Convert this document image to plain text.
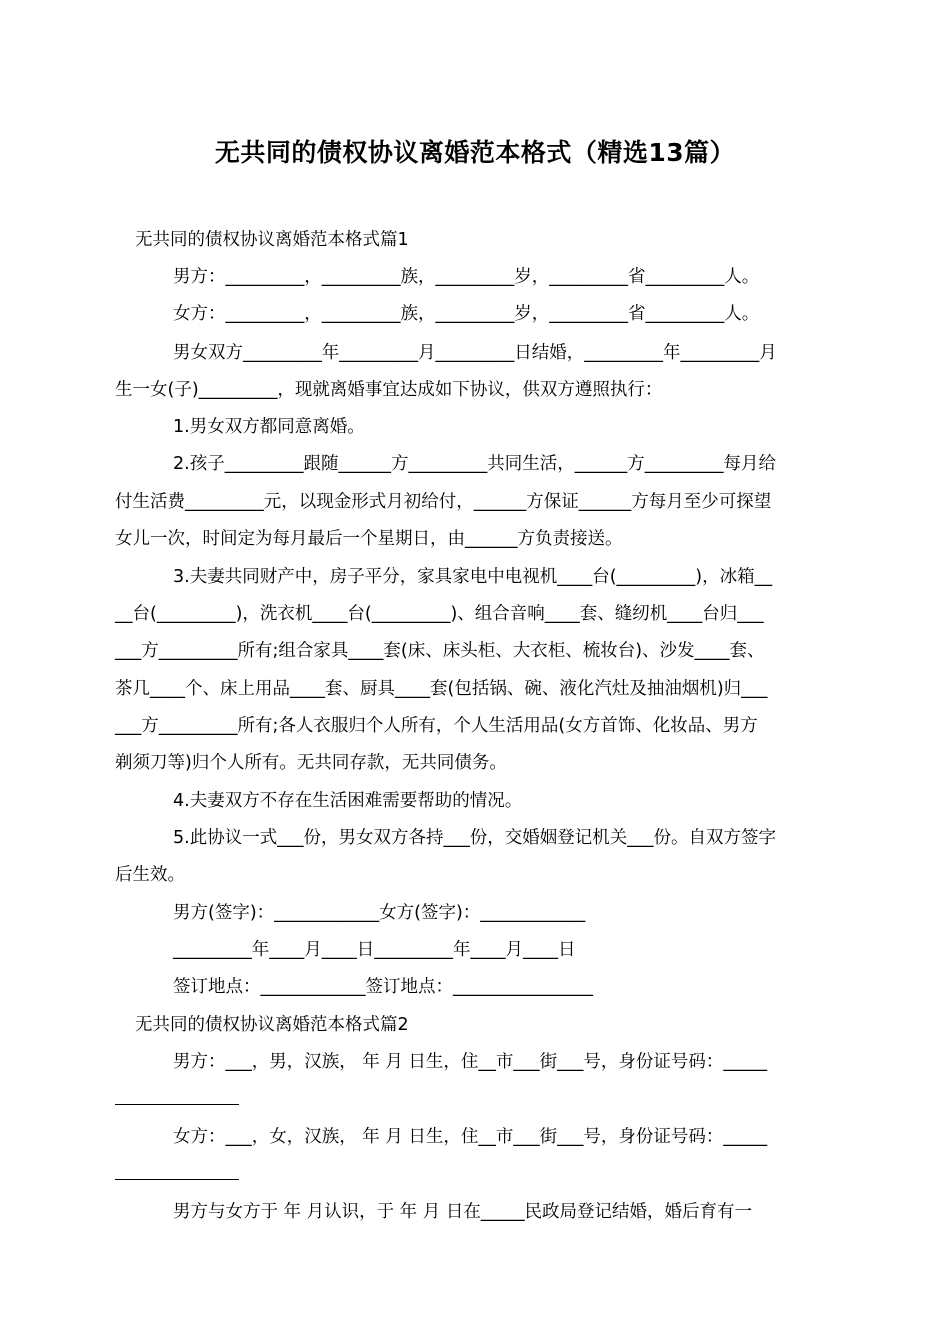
无共同的债权协议离婚范本格式（精选13篇）
无共同的债权协议离婚范本格式篇1
男方：_________，_________族，_________岁，_________省_________人。
女方：_________，_________族，_________岁，_________省_________人。
男女双方_________年_________月_________日结婚，_________年_________月
生一女(子)_________，现就离婚事宜达成如下协议，供双方遵照执行：
1.男女双方都同意离婚。
2.孩子_________跟随______方_________共同生活，______方_________每月给
付生活费_________元，以现金形式月初给付，______方保证______方每月至少可探望
女儿一次，时间定为每月最后一个星期日，由______方负责接送。
3.夫妻共同财产中，房子平分，家具家电中电视机____台(_________)，冰箱__
__台(_________)，洗衣机____台(_________)、组合音响____套、缝纫机____台归___
___方_________所有;组合家具____套(床、床头柜、大衣柜、梳妆台)、沙发____套、
茶几____个、床上用品____套、厨具____套(包括锅、碗、液化汽灶及抽油烟机)归___
___方_________所有;各人衣服归个人所有，个人生活用品(女方首饰、化妆品、男方
剃须刀等)归个人所有。无共同存款，无共同债务。
4.夫妻双方不存在生活困难需要帮助的情况。
5.此协议一式___份，男女双方各持___份，交婚姻登记机关___份。自双方签字
后生效。
男方(签字)：____________女方(签字)：____________
_________年____月____日_________年____月____日
签订地点：____________签订地点：________________
无共同的债权协议离婚范本格式篇2
男方：___，男，汉族， 年 月 日生，住__市___街___号，身份证号码：_____
女方：___，女，汉族， 年 月 日生，住__市___街___号，身份证号码：_____
男方与女方于 年 月认识，于 年 月 日在_____民政局登记结婚，婚后育有一
